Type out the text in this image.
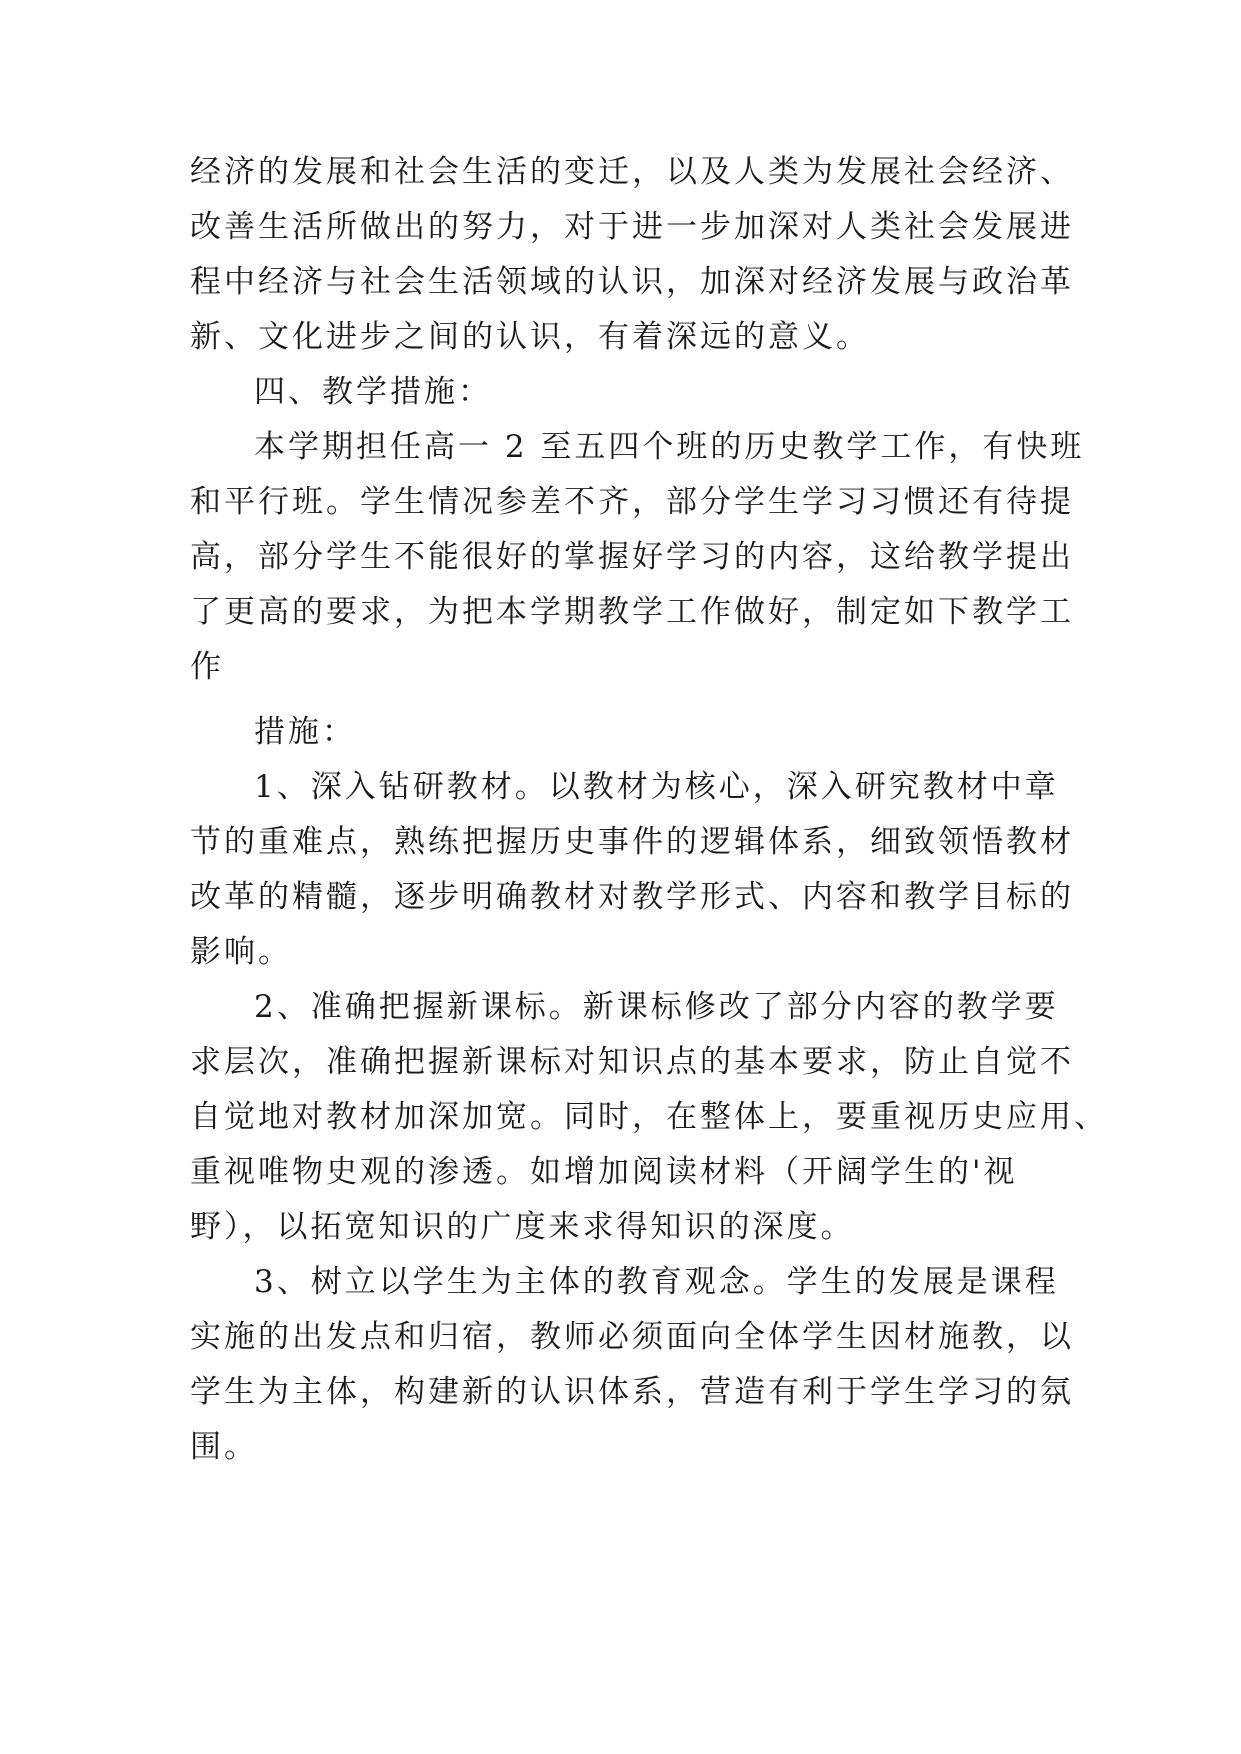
经济的发展和社会生活的变迁，以及人类为发展社会经济、
改善生活所做出的努力，对于进一步加深对人类社会发展进
程中经济与社会生活领域的认识，加深对经济发展与政治革
新、文化进步之间的认识，有着深远的意义。
四、教学措施：
本学期担任高一 2 至五四个班的历史教学工作，有快班
和平行班。学生情况参差不齐，部分学生学习习惯还有待提
高，部分学生不能很好的掌握好学习的内容，这给教学提出
了更高的要求，为把本学期教学工作做好，制定如下教学工
作
措施：
1、深入钻研教材。以教材为核心，深入研究教材中章
节的重难点，熟练把握历史事件的逻辑体系，细致领悟教材
改革的精髓，逐步明确教材对教学形式、内容和教学目标的
影响。
2、准确把握新课标。新课标修改了部分内容的教学要
求层次，准确把握新课标对知识点的基本要求，防止自觉不
自觉地对教材加深加宽。同时，在整体上，要重视历史应用、
重视唯物史观的渗透。如增加阅读材料（开阔学生的'视
野），以拓宽知识的广度来求得知识的深度。
3、树立以学生为主体的教育观念。学生的发展是课程
实施的出发点和归宿，教师必须面向全体学生因材施教，以
学生为主体，构建新的认识体系，营造有利于学生学习的氛
围。
